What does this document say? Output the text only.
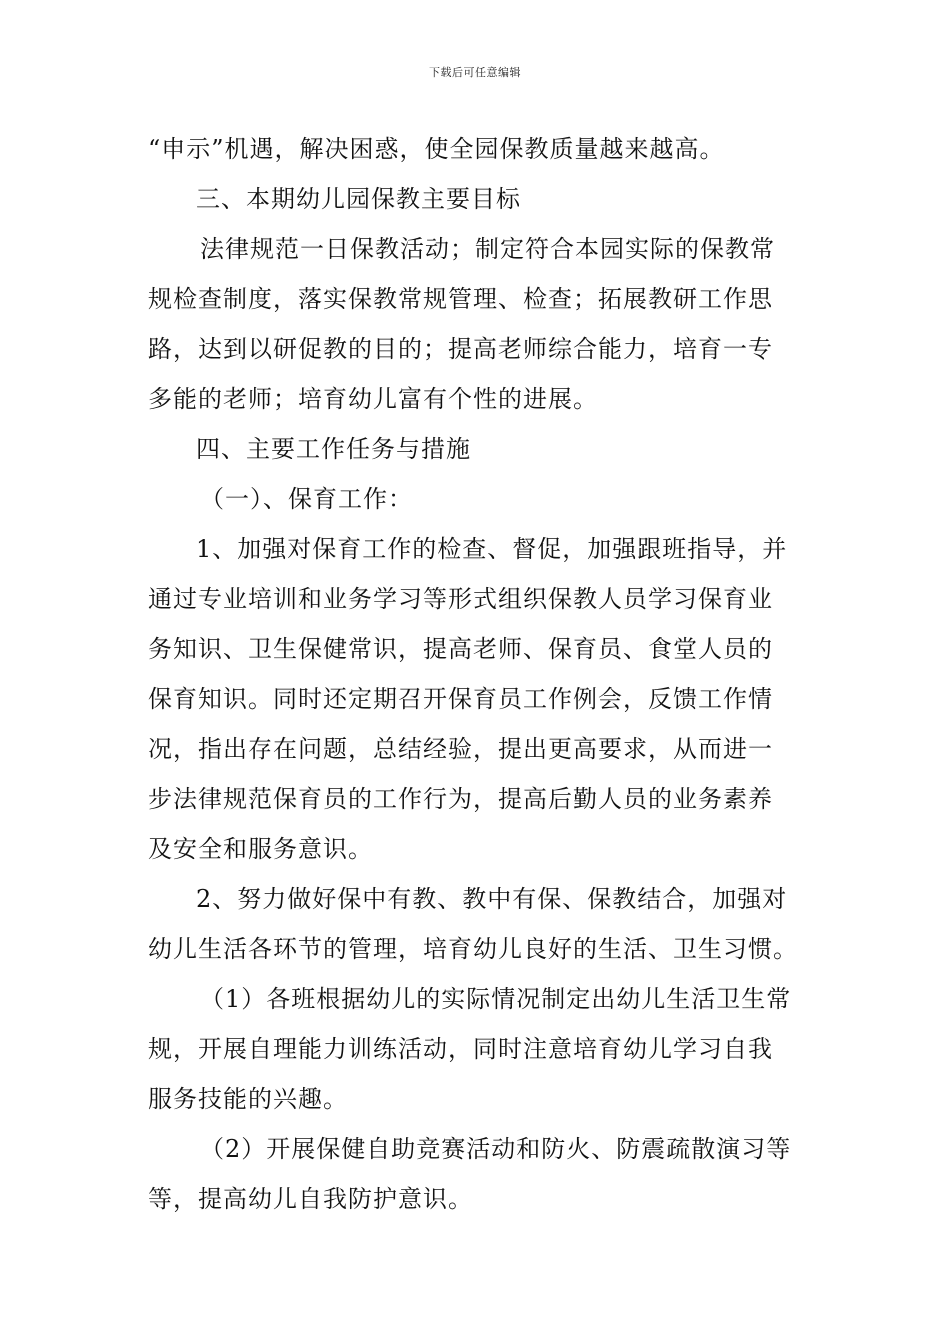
下载后可任意编辑
“申示”机遇，解决困惑，使全园保教质量越来越高。
三、本期幼儿园保教主要目标
法律规范一日保教活动；制定符合本园实际的保教常
规检查制度，落实保教常规管理、检查；拓展教研工作思
路，达到以研促教的目的；提高老师综合能力，培育一专
多能的老师；培育幼儿富有个性的进展。
四、主要工作任务与措施
（一）、保育工作：
1、加强对保育工作的检查、督促，加强跟班指导，并
通过专业培训和业务学习等形式组织保教人员学习保育业
务知识、卫生保健常识，提高老师、保育员、食堂人员的
保育知识。同时还定期召开保育员工作例会，反馈工作情
况，指出存在问题，总结经验，提出更高要求，从而进一
步法律规范保育员的工作行为，提高后勤人员的业务素养
及安全和服务意识。
2、努力做好保中有教、教中有保、保教结合，加强对
幼儿生活各环节的管理，培育幼儿良好的生活、卫生习惯。
（1）各班根据幼儿的实际情况制定出幼儿生活卫生常
规，开展自理能力训练活动，同时注意培育幼儿学习自我
服务技能的兴趣。
（2）开展保健自助竞赛活动和防火、防震疏散演习等
等，提高幼儿自我防护意识。
